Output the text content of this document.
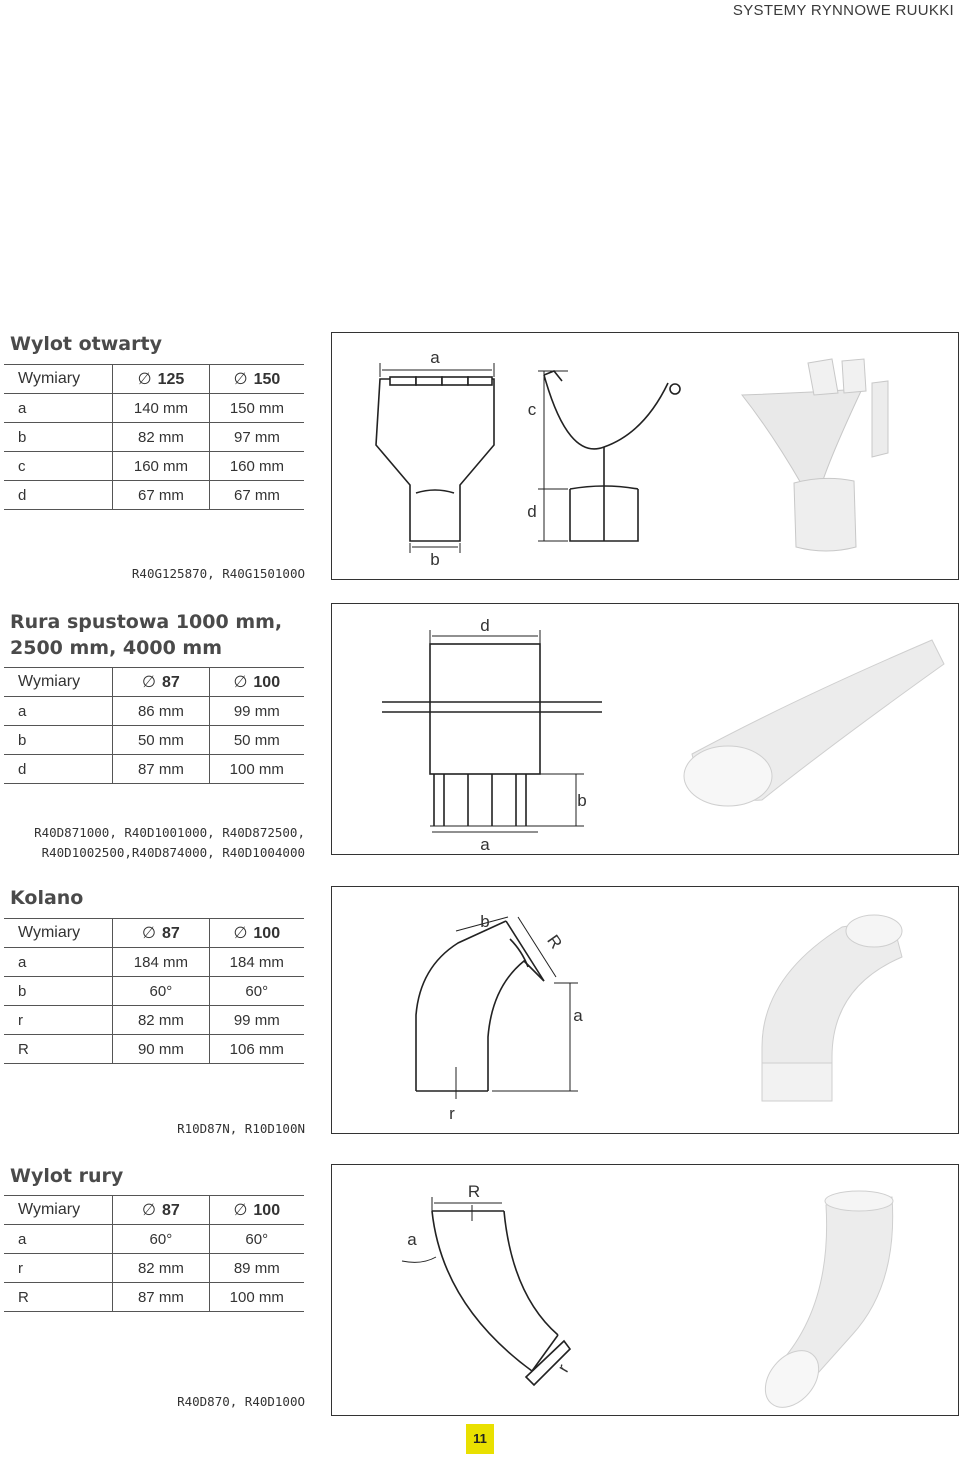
SYSTEMY RYNNOWE RUUKKI
Wylot otwarty
Wymiary	∅ 125	∅ 150
a	140 mm	150 mm
b	82 mm	97 mm
c	160 mm	160 mm
d	67 mm	67 mm
R40G125870, R40G150100O
a
b
c
d
Rura spustowa 1000 mm,
2500 mm, 4000 mm
Wymiary	∅ 87	∅ 100
a	86 mm	99 mm
b	50 mm	50 mm
d	87 mm	100 mm
R40D871000, R40D1001000, R40D872500,
R40D1002500,R40D874000, R40D1004000
d
b
a
Kolano
Wymiary	∅ 87	∅ 100
a	184 mm	184 mm
b	60°	60°
r	82 mm	99 mm
R	90 mm	106 mm
R10D87N, R10D100N
b
R
a
r
Wylot rury
Wymiary	∅ 87	∅ 100
a	60°	60°
r	82 mm	89 mm
R	87 mm	100 mm
R40D870, R40D100O
R
a
r
11
